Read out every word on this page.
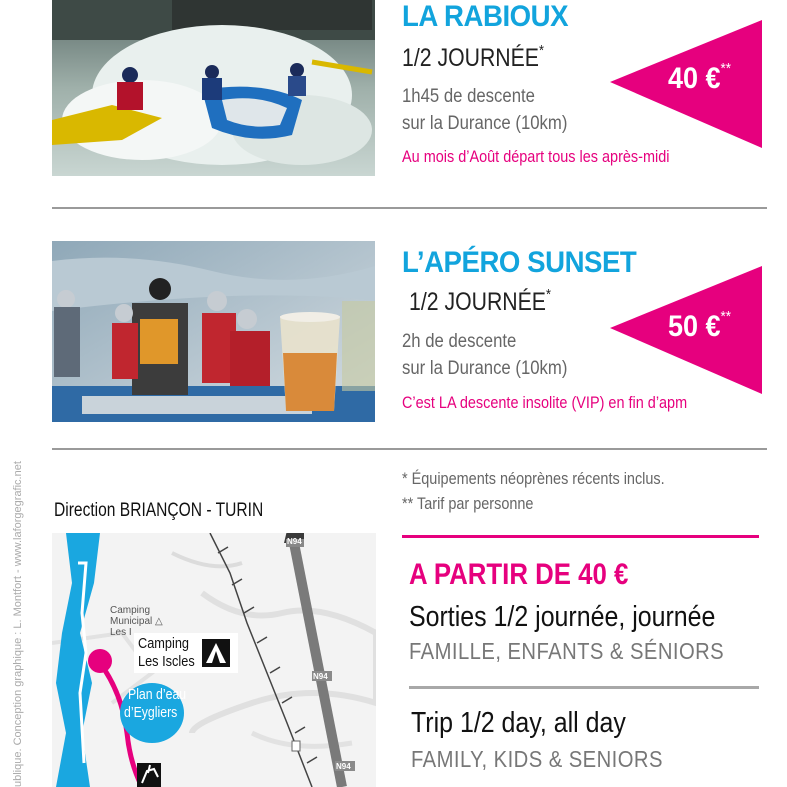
ublique. Conception graphique : L. Montfort - www.laforgegrafic.net
LA RABIOUX
1/2 JOURNÉE*
1h45 de descente
sur la Durance (10km)
Au mois d’Août départ tous les après-midi
40 €**
L’APÉRO SUNSET
1/2 JOURNÉE*
2h de descente
sur la Durance (10km)
C’est LA descente insolite (VIP) en fin d’apm
50 €**
* Équipements néoprènes récents inclus.
** Tarif par personne
A PARTIR DE 40 €
Sorties 1/2 journée, journée
FAMILLE, ENFANTS & SÉNIORS
Trip 1/2 day, all day
FAMILY, KIDS & SENIORS
Direction BRIANÇON - TURIN
Camping
Municipal △
Les I
Camping
Les Iscles
Plan d’eau
d’Eygliers
N94
N94
N94
